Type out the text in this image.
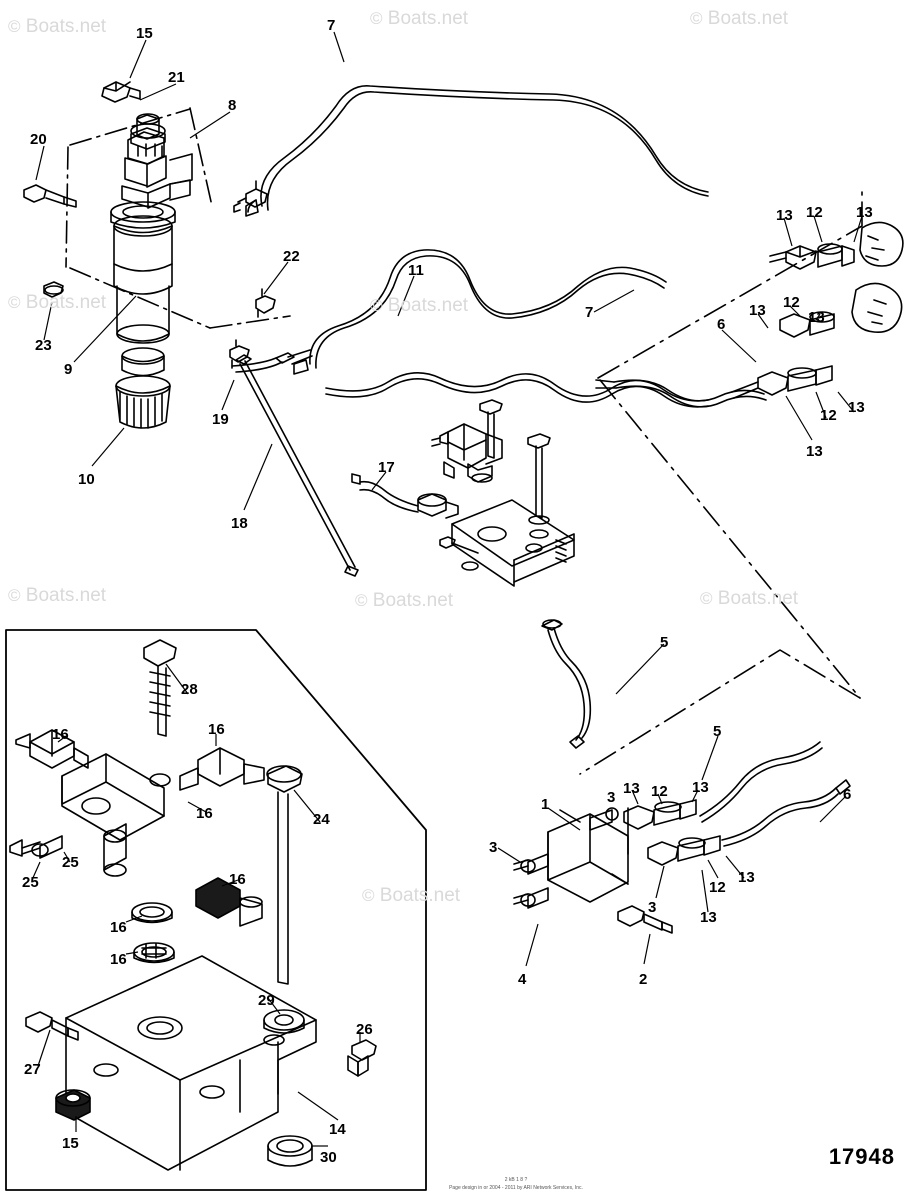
© Boats.net	© Boats.net	© Boats.net
© Boats.net	© Boats.net
© Boats.net	© Boats.net	© Boats.net
© Boats.net
15	7
21
8
20
13 12 13
22
11
23
9
7	13 12
6	13
19
10
12 13
13
17
18
5
16	16
28
5
6
16	24
12
13	13
25
25	16
1	3
3
16
13
12
3
16
13
29
26
27
4	2
14
15
30	17948
2 kB 1 8 ?
Page design in or 2004 - 2011 by ARI Network Services, Inc.
